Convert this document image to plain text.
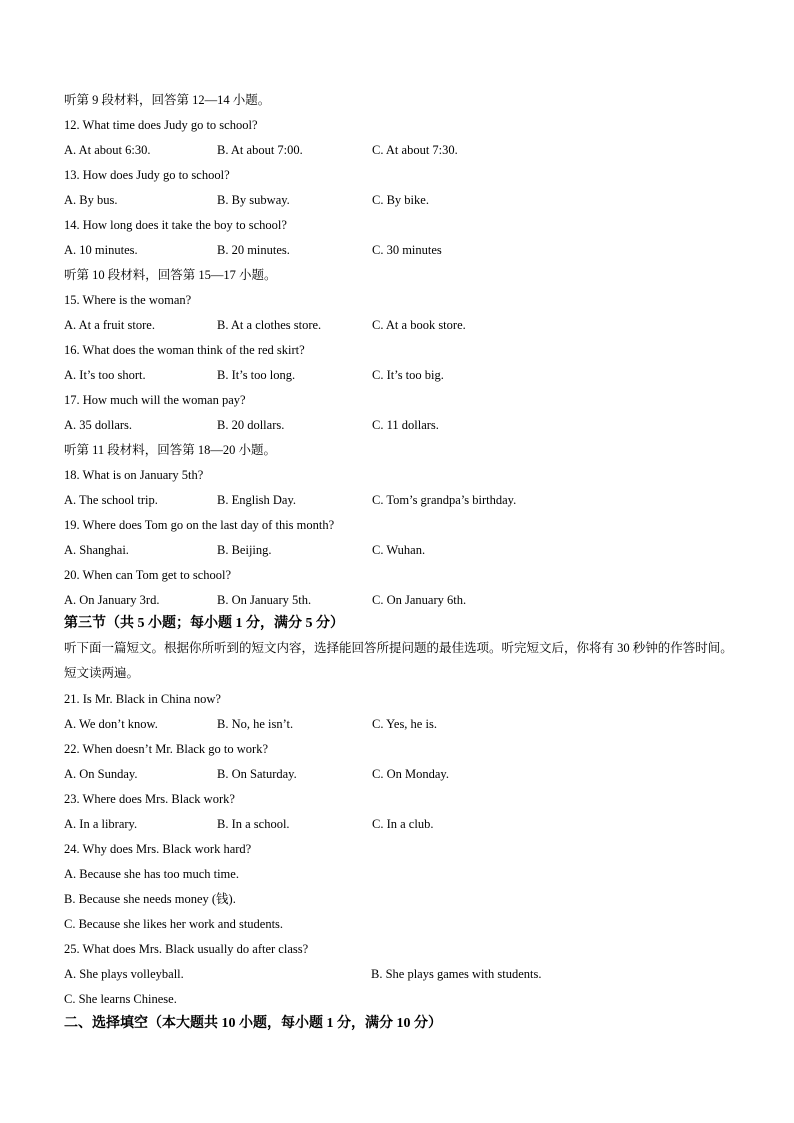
听第 9 段材料，回答第 12—14 小题。
12. What time does Judy go to school?
A. At about 6:30.	B. At about 7:00.	C. At about 7:30.
13. How does Judy go to school?
A. By bus.	B. By subway.	C. By bike.
14. How long does it take the boy to school?
A. 10 minutes.	B. 20 minutes.	C. 30 minutes
听第 10 段材料，回答第 15—17 小题。
15. Where is the woman?
A. At a fruit store.	B. At a clothes store.	C. At a book store.
16. What does the woman think of the red skirt?
A. It’s too short.	B. It’s too long.	C. It’s too big.
17. How much will the woman pay?
A. 35 dollars.	B. 20 dollars.	C. 11 dollars.
听第 11 段材料，回答第 18—20 小题。
18. What is on January 5th?
A. The school trip.	B. English Day.	C. Tom’s grandpa’s birthday.
19. Where does Tom go on the last day of this month?
A. Shanghai.	B. Beijing.	C. Wuhan.
20. When can Tom get to school?
A. On January 3rd.	B. On January 5th.	C. On January 6th.
第三节（共 5 小题；每小题 1 分，满分 5 分）
听下面一篇短文。根据你所听到的短文内容，选择能回答所提问题的最佳选项。听完短文后，你将有 30 秒钟的作答时间。短文读两遍。
21. Is Mr. Black in China now?
A. We don’t know.	B. No, he isn’t.	C. Yes, he is.
22. When doesn’t Mr. Black go to work?
A. On Sunday.	B. On Saturday.	C. On Monday.
23. Where does Mrs. Black work?
A. In a library.	B. In a school.	C. In a club.
24. Why does Mrs. Black work hard?
A. Because she has too much time.
B. Because she needs money (钱).
C. Because she likes her work and students.
25. What does Mrs. Black usually do after class?
A. She plays volleyball.	B. She plays games with students.
C. She learns Chinese.
二、选择填空（本大题共 10 小题，每小题 1 分，满分 10 分）
